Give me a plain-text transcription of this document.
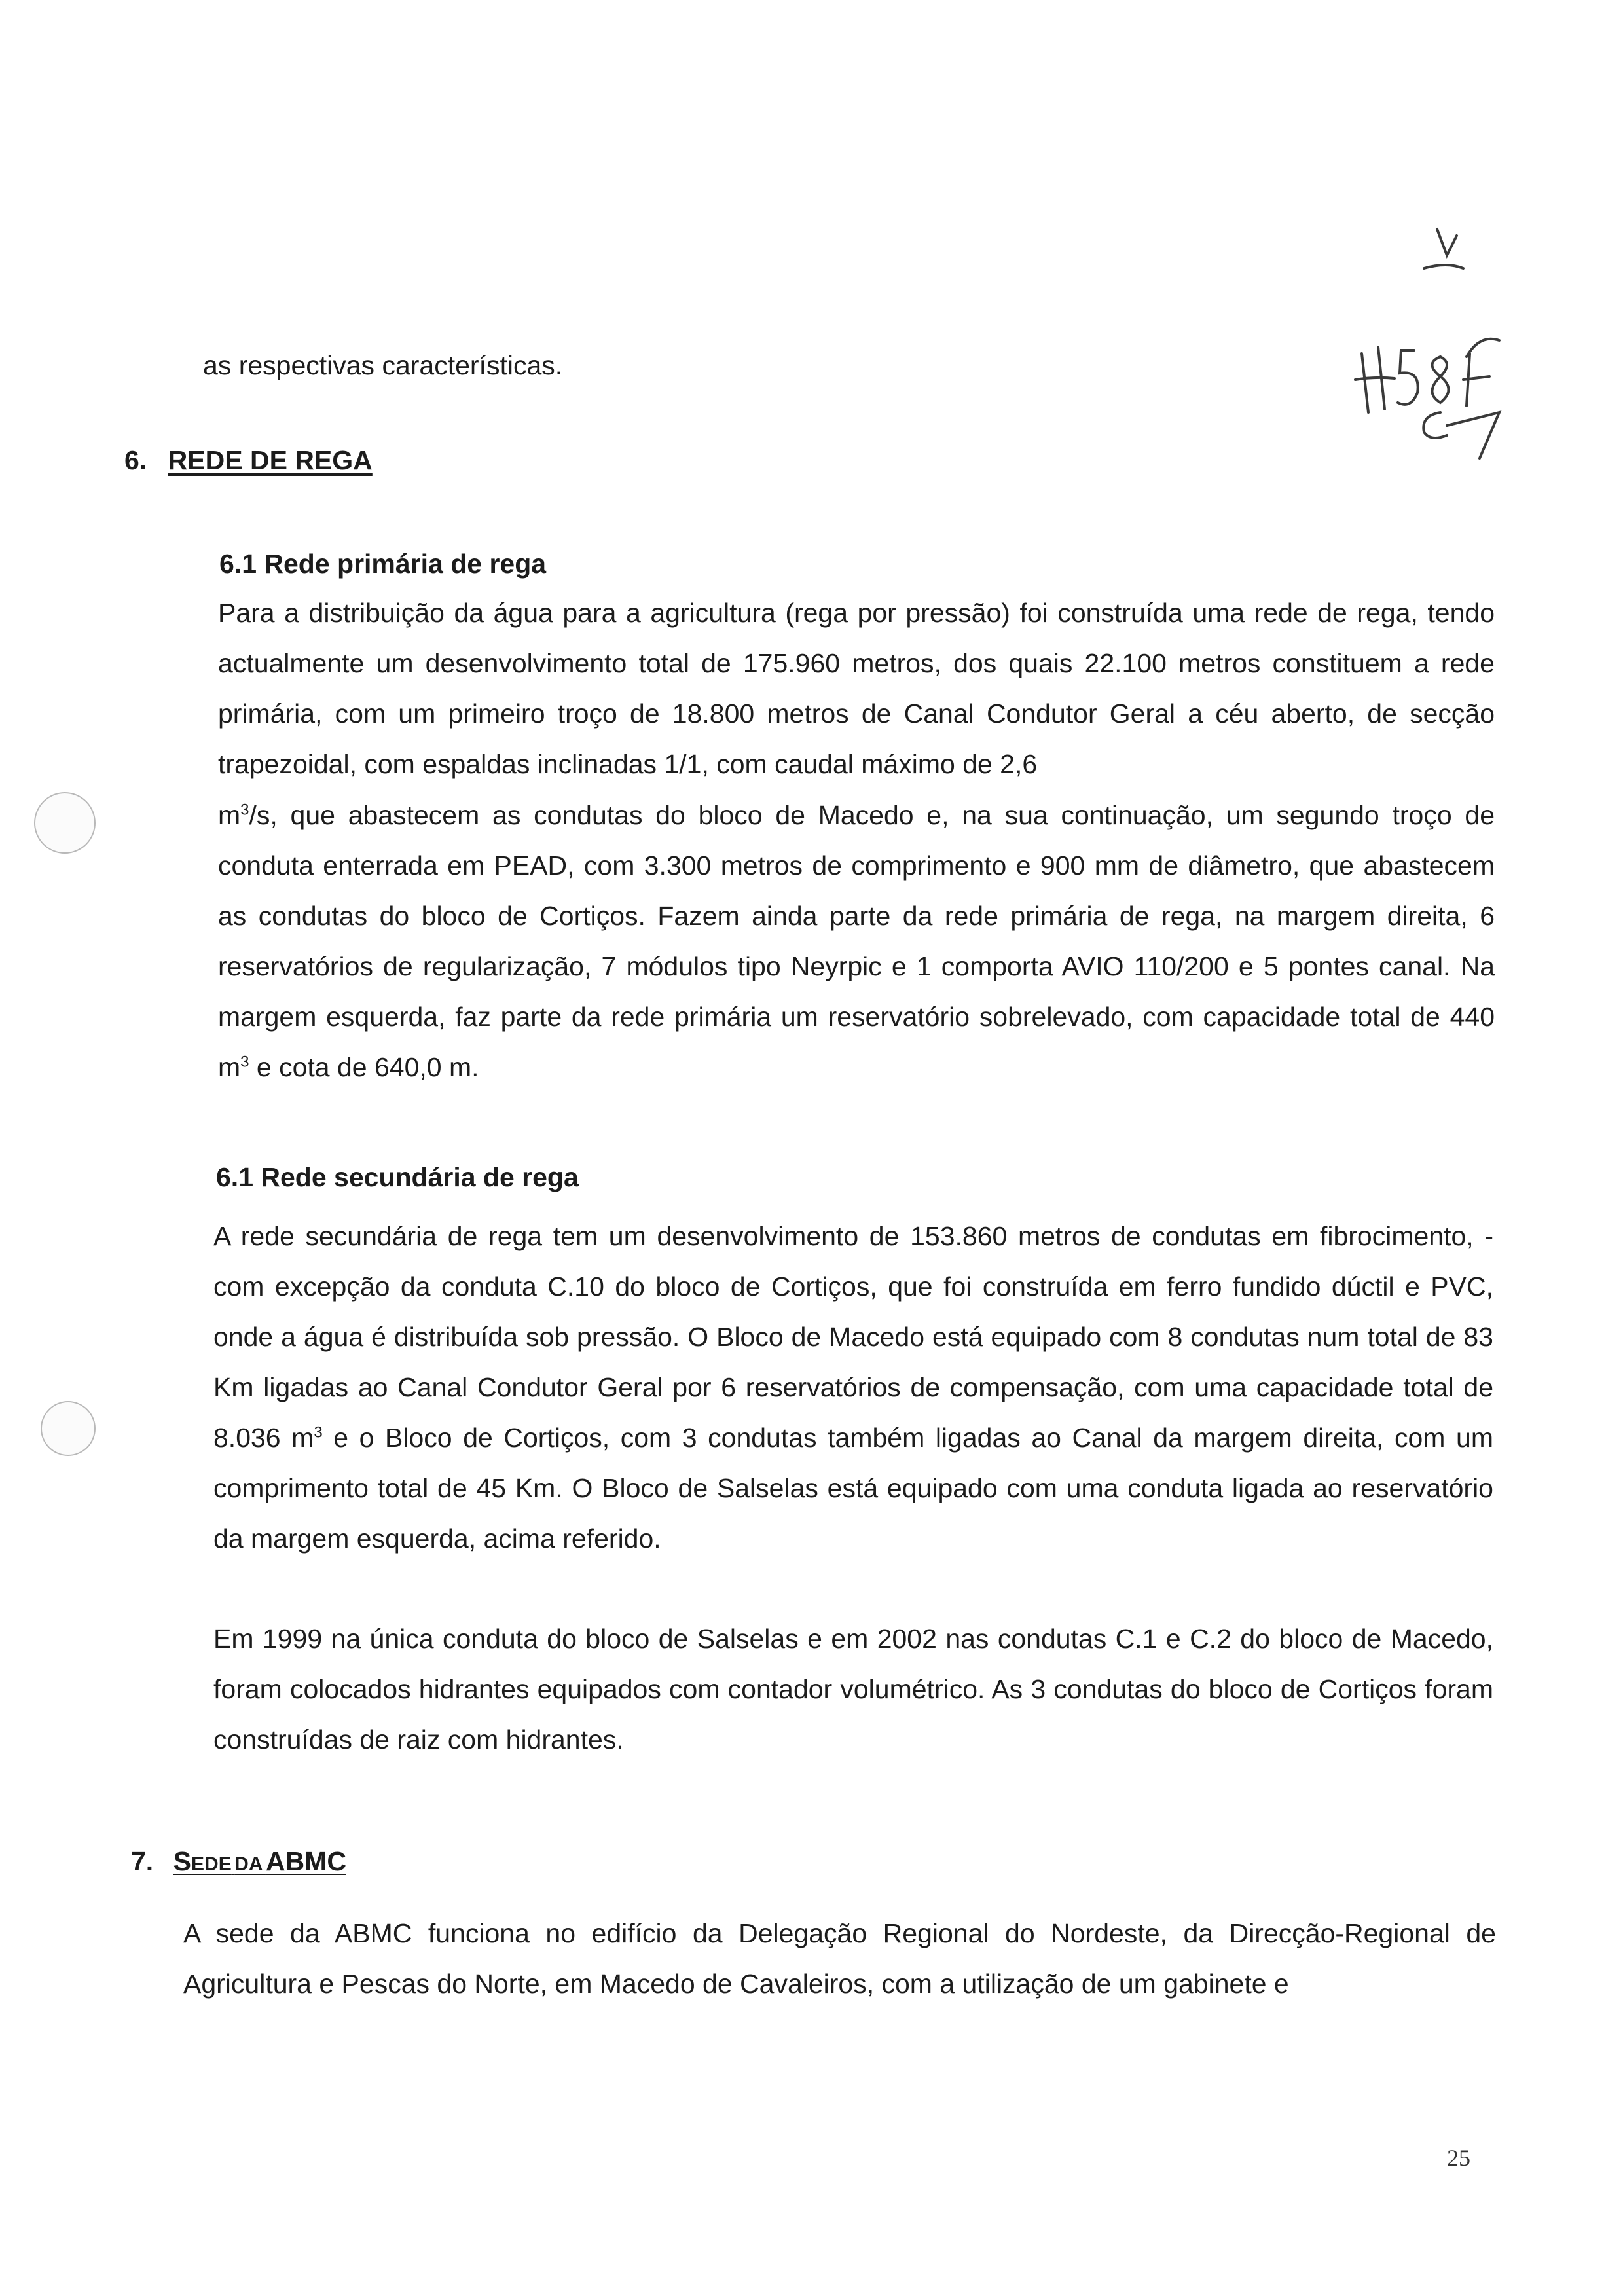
as respectivas características.
6. REDE DE REGA
6.1 Rede primária de rega
Para a distribuição da água para a agricultura (rega por pressão) foi construída uma rede de rega, tendo actualmente um desenvolvimento total de 175.960 metros, dos quais 22.100 metros constituem a rede primária, com um primeiro troço de 18.800 metros de Canal Condutor Geral a céu aberto, de secção trapezoidal, com espaldas inclinadas 1/1, com caudal máximo de 2,6
$m^3/s$, que abastecem as condutas do bloco de Macedo e, na sua continuação, um segundo troço de conduta enterrada em PEAD, com 3.300 metros de comprimento e 900 mm de diâmetro, que abastecem as condutas do bloco de Cortiços. Fazem ainda parte da rede primária de rega, na margem direita, 6 reservatórios de regularização, 7 módulos tipo Neyrpic e 1 comporta AVIO 110/200 e 5 pontes canal. Na margem esquerda, faz parte da rede primária um reservatório sobrelevado, com capacidade total de 440 $m^3$ e cota de 640,0 m.
6.1 Rede secundária de rega
A rede secundária de rega tem um desenvolvimento de 153.860 metros de condutas em fibrocimento, - com excepção da conduta C.10 do bloco de Cortiços, que foi construída em ferro fundido dúctil e PVC, onde a água é distribuída sob pressão. O Bloco de Macedo está equipado com 8 condutas num total de 83 Km ligadas ao Canal Condutor Geral por 6 reservatórios de compensação, com uma capacidade total de 8.036 $m^3$ e o Bloco de Cortiços, com 3 condutas também ligadas ao Canal da margem direita, com um comprimento total de 45 Km. O Bloco de Salselas está equipado com uma conduta ligada ao reservatório da margem esquerda, acima referido.
Em 1999 na única conduta do bloco de Salselas e em 2002 nas condutas C.1 e C.2 do bloco de Macedo, foram colocados hidrantes equipados com contador volumétrico. As 3 condutas do bloco de Cortiços foram construídas de raiz com hidrantes.
7. SEDE DA ABMC
A sede da ABMC funciona no edifício da Delegação Regional do Nordeste, da Direcção-Regional de Agricultura e Pescas do Norte, em Macedo de Cavaleiros, com a utilização de um gabinete e
25
